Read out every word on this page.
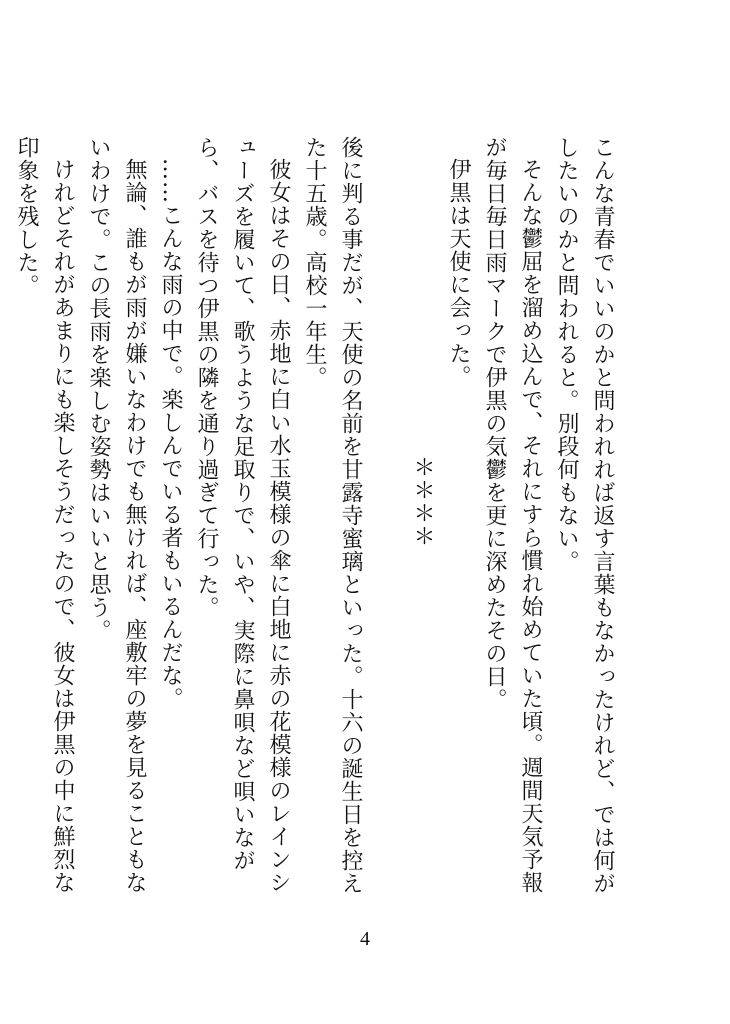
こんな青春でいいのかと問われれば返す言葉もなかったけれど、では何がしたいのかと問われると。別段何もない。

そんな鬱屈を溜め込んで、それにすら慣れ始めていた頃。週間天気予報が毎日毎日雨マークで伊黒の気鬱を更に深めたその日。

伊黒は天使に会った。

＊＊＊＊

後に判る事だが、天使の名前を甘露寺蜜璃といった。十六の誕生日を控えた十五歳。高校一年生。

彼女はその日、赤地に白い水玉模様の傘に白地に赤の花模様のレインシューズを履いて、歌うような足取りで、いや、実際に鼻唄など唄いながら、バスを待つ伊黒の隣を通り過ぎて行った。

……こんな雨の中で。楽しんでいる者もいるんだな。

無論、誰もが雨が嫌いなわけでも無ければ、座敷牢の夢を見ることもないわけで。この長雨を楽しむ姿勢はいいと思う。

けれどそれがあまりにも楽しそうだったので、彼女は伊黒の中に鮮烈な印象を残した。

4
